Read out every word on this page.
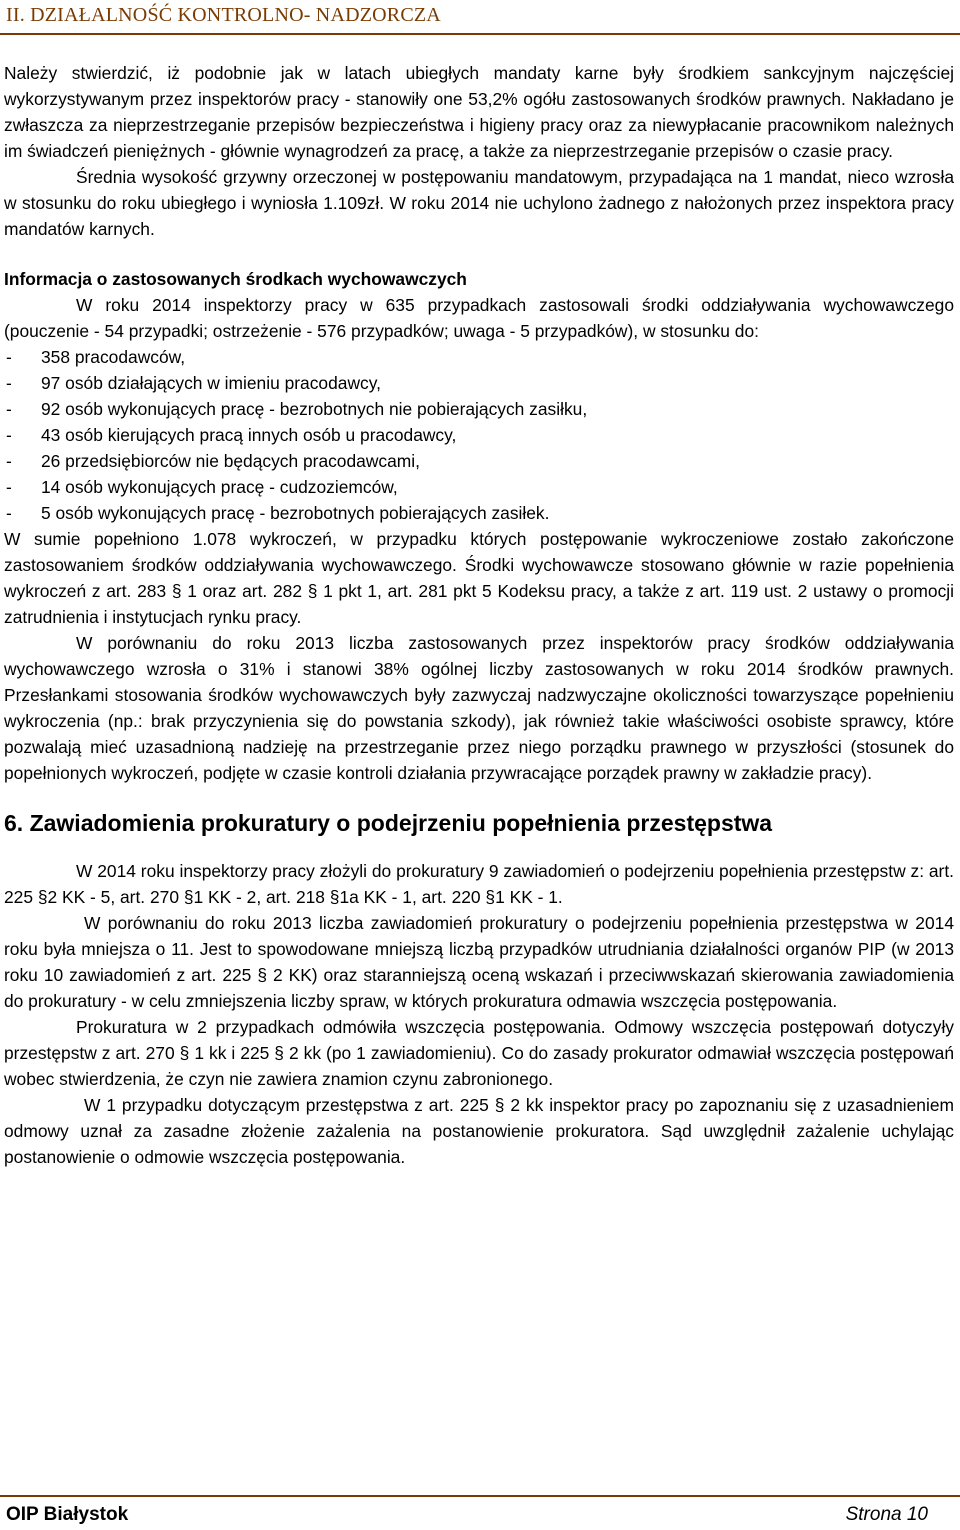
II. DZIAŁALNOŚĆ KONTROLNO- NADZORCZA

Należy stwierdzić, iż podobnie jak w latach ubiegłych mandaty karne były środkiem sankcyjnym najczęściej wykorzystywanym przez inspektorów pracy - stanowiły one 53,2% ogółu zastosowanych środków prawnych. Nakładano je zwłaszcza za nieprzestrzeganie przepisów bezpieczeństwa i higieny pracy oraz za niewypłacanie pracownikom należnych im świadczeń pieniężnych - głównie wynagrodzeń za pracę, a także za nieprzestrzeganie przepisów o czasie pracy.

Średnia wysokość grzywny orzeczonej w postępowaniu mandatowym, przypadająca na 1 mandat, nieco wzrosła w stosunku do roku ubiegłego i wyniosła 1.109zł. W roku 2014 nie uchylono żadnego z nałożonych przez inspektora pracy mandatów karnych.

Informacja o zastosowanych środkach wychowawczych

W roku 2014 inspektorzy pracy w 635 przypadkach zastosowali środki oddziaływania wychowawczego (pouczenie - 54 przypadki; ostrzeżenie - 576 przypadków; uwaga - 5 przypadków), w stosunku do:

- 358 pracodawców,
- 97 osób działających w imieniu pracodawcy,
- 92 osób wykonujących pracę - bezrobotnych nie pobierających zasiłku,
- 43 osób kierujących pracą innych osób u pracodawcy,
- 26 przedsiębiorców nie będących pracodawcami,
- 14 osób wykonujących pracę - cudzoziemców,
- 5 osób wykonujących pracę - bezrobotnych pobierających zasiłek.

W sumie popełniono 1.078 wykroczeń, w przypadku których postępowanie wykroczeniowe zostało zakończone zastosowaniem środków oddziaływania wychowawczego. Środki wychowawcze stosowano głównie w razie popełnienia wykroczeń z art. 283 § 1 oraz art. 282 § 1 pkt 1, art. 281 pkt 5 Kodeksu pracy, a także z art. 119 ust. 2 ustawy o promocji zatrudnienia i instytucjach rynku pracy.

W porównaniu do roku 2013 liczba zastosowanych przez inspektorów pracy środków oddziaływania wychowawczego wzrosła o 31% i stanowi 38% ogólnej liczby zastosowanych w roku 2014 środków prawnych. Przesłankami stosowania środków wychowawczych były zazwyczaj nadzwyczajne okoliczności towarzyszące popełnieniu wykroczenia (np.: brak przyczynienia się do powstania szkody), jak również takie właściwości osobiste sprawcy, które pozwalają mieć uzasadnioną nadzieję na przestrzeganie przez niego porządku prawnego w przyszłości (stosunek do popełnionych wykroczeń, podjęte w czasie kontroli działania przywracające porządek prawny w zakładzie pracy).

6. Zawiadomienia prokuratury o podejrzeniu popełnienia przestępstwa

W 2014 roku inspektorzy pracy złożyli do prokuratury 9 zawiadomień o podejrzeniu popełnienia przestępstw z: art. 225 §2 KK - 5, art. 270 §1 KK - 2, art. 218 §1a KK - 1, art. 220 §1 KK - 1.

W porównaniu do roku 2013 liczba zawiadomień prokuratury o podejrzeniu popełnienia przestępstwa w 2014 roku była mniejsza o 11. Jest to spowodowane mniejszą liczbą przypadków utrudniania działalności organów PIP (w 2013 roku 10 zawiadomień z art. 225 § 2 KK) oraz staranniejszą oceną wskazań i przeciwwskazań skierowania zawiadomienia do prokuratury - w celu zmniejszenia liczby spraw, w których prokuratura odmawia wszczęcia postępowania.

Prokuratura w 2 przypadkach odmówiła wszczęcia postępowania. Odmowy wszczęcia postępowań dotyczyły przestępstw z art. 270 § 1 kk i 225 § 2 kk (po 1 zawiadomieniu). Co do zasady prokurator odmawiał wszczęcia postępowań wobec stwierdzenia, że czyn nie zawiera znamion czynu zabronionego.

W 1 przypadku dotyczącym przestępstwa z art. 225 § 2 kk inspektor pracy po zapoznaniu się z uzasadnieniem odmowy uznał za zasadne złożenie zażalenia na postanowienie prokuratora. Sąd uwzględnił zażalenie uchylając postanowienie o odmowie wszczęcia postępowania.

OIP Białystok	Strona 10
